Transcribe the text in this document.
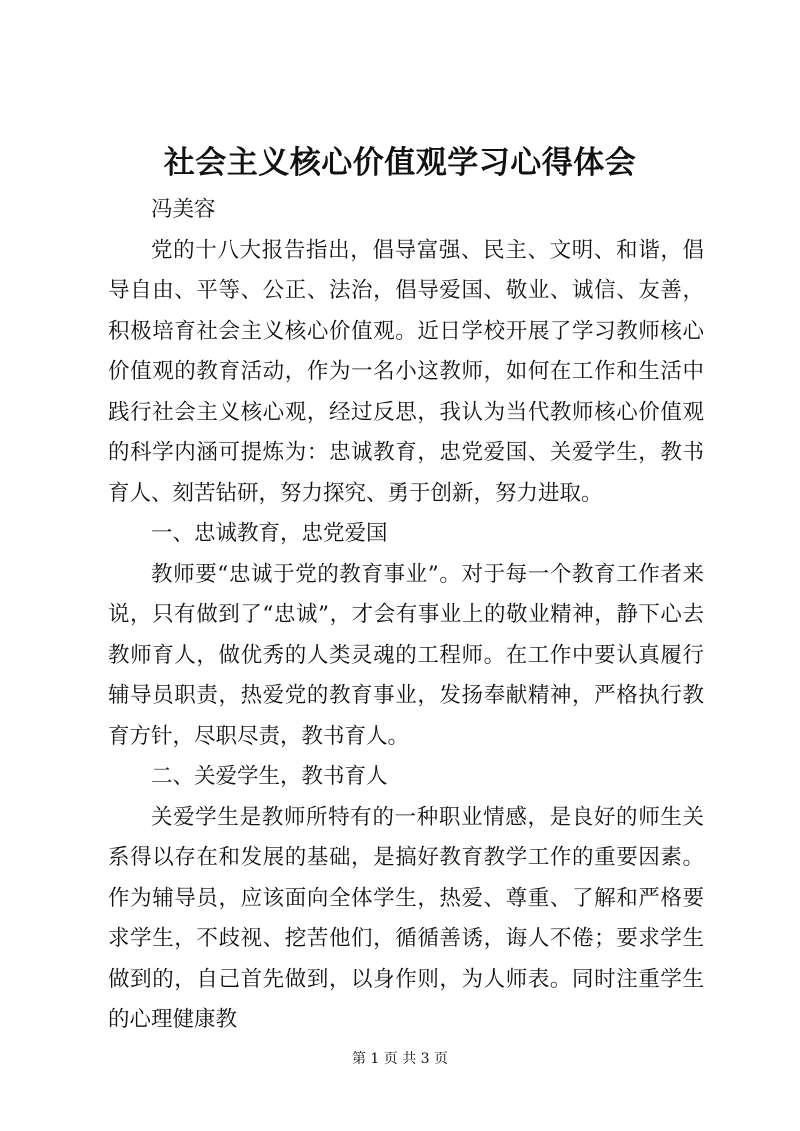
社会主义核心价值观学习心得体会

冯美容

党的十八大报告指出，倡导富强、民主、文明、和谐，倡导自由、平等、公正、法治，倡导爱国、敬业、诚信、友善，积极培育社会主义核心价值观。近日学校开展了学习教师核心价值观的教育活动，作为一名小这教师，如何在工作和生活中践行社会主义核心观，经过反思，我认为当代教师核心价值观的科学内涵可提炼为：忠诚教育，忠党爱国、关爱学生，教书育人、刻苦钻研，努力探究、勇于创新，努力进取。

一、忠诚教育，忠党爱国

教师要“忠诚于党的教育事业”。对于每一个教育工作者来说，只有做到了“忠诚”，才会有事业上的敬业精神，静下心去教师育人，做优秀的人类灵魂的工程师。在工作中要认真履行辅导员职责，热爱党的教育事业，发扬奉献精神，严格执行教育方针，尽职尽责，教书育人。

二、关爱学生，教书育人

关爱学生是教师所特有的一种职业情感，是良好的师生关系得以存在和发展的基础，是搞好教育教学工作的重要因素。作为辅导员，应该面向全体学生，热爱、尊重、了解和严格要求学生，不歧视、挖苦他们，循循善诱，诲人不倦；要求学生做到的，自己首先做到，以身作则，为人师表。同时注重学生的心理健康教

第 1 页 共 3 页
